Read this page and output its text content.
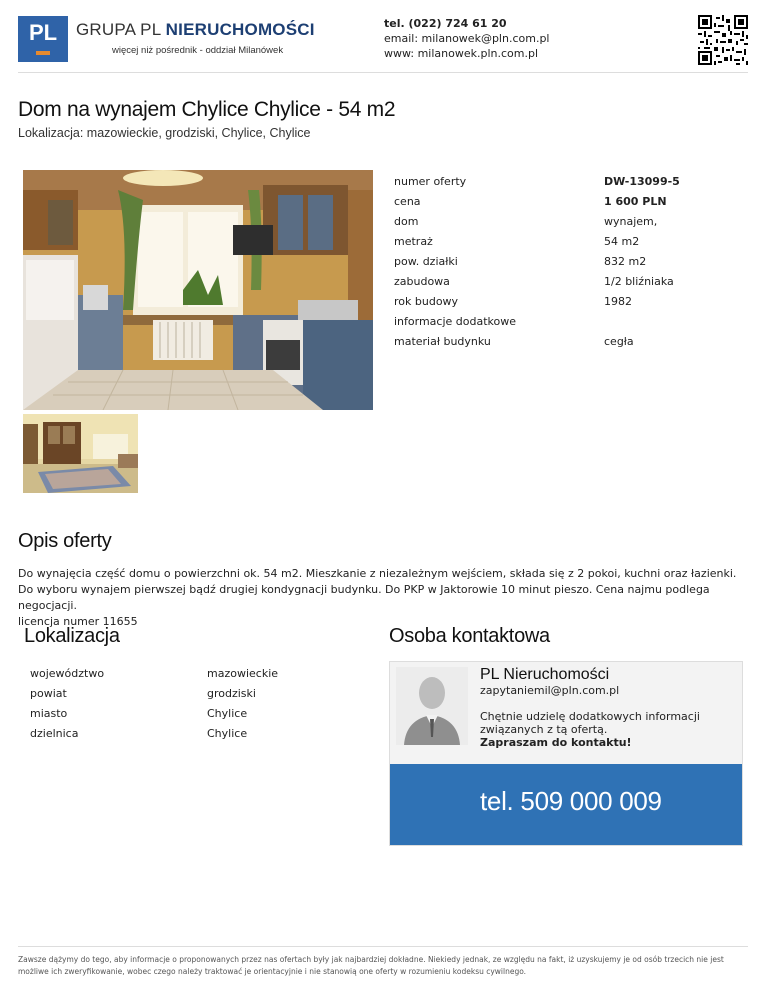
PL	GRUPA PL NIERUCHOMOŚCI
więcej niż pośrednik - oddział Milanówek
tel. (022) 724 61 20
email: milanowek@pln.com.pl
www: milanowek.pln.com.pl
Dom na wynajem Chylice Chylice - 54 m2
Lokalizacja: mazowieckie, grodziski, Chylice, Chylice
numer oferty	DW-13099-5
cena	1 600 PLN
dom	wynajem,
metraż	54 m2
pow. działki	832 m2
zabudowa	1/2 bliźniaka
rok budowy	1982
informacje dodatkowe
materiał budynku	cegła
Opis oferty
Do wynajęcia część domu o powierzchni ok. 54 m2. Mieszkanie z niezależnym wejściem, składa się z 2 pokoi, kuchni oraz łazienki. Do wyboru wynajem pierwszej bądź drugiej kondygnacji budynku. Do PKP w Jaktorowie 10 minut pieszo. Cena najmu podlega negocjacji.
licencja numer 11655
Lokalizacja
województwo	mazowieckie
powiat	grodziski
miasto	Chylice
dzielnica	Chylice
Osoba kontaktowa
PL Nieruchomości
zapytaniemil@pln.com.pl
Chętnie udzielę dodatkowych informacji związanych z tą ofertą.
Zapraszam do kontaktu!
tel. 509 000 009
Zawsze dążymy do tego, aby informacje o proponowanych przez nas ofertach były jak najbardziej dokładne. Niekiedy jednak, ze względu na fakt, iż uzyskujemy je od osób trzecich nie jest możliwe ich zweryfikowanie, wobec czego należy traktować je orientacyjnie i nie stanowią one oferty w rozumieniu kodeksu cywilnego.
